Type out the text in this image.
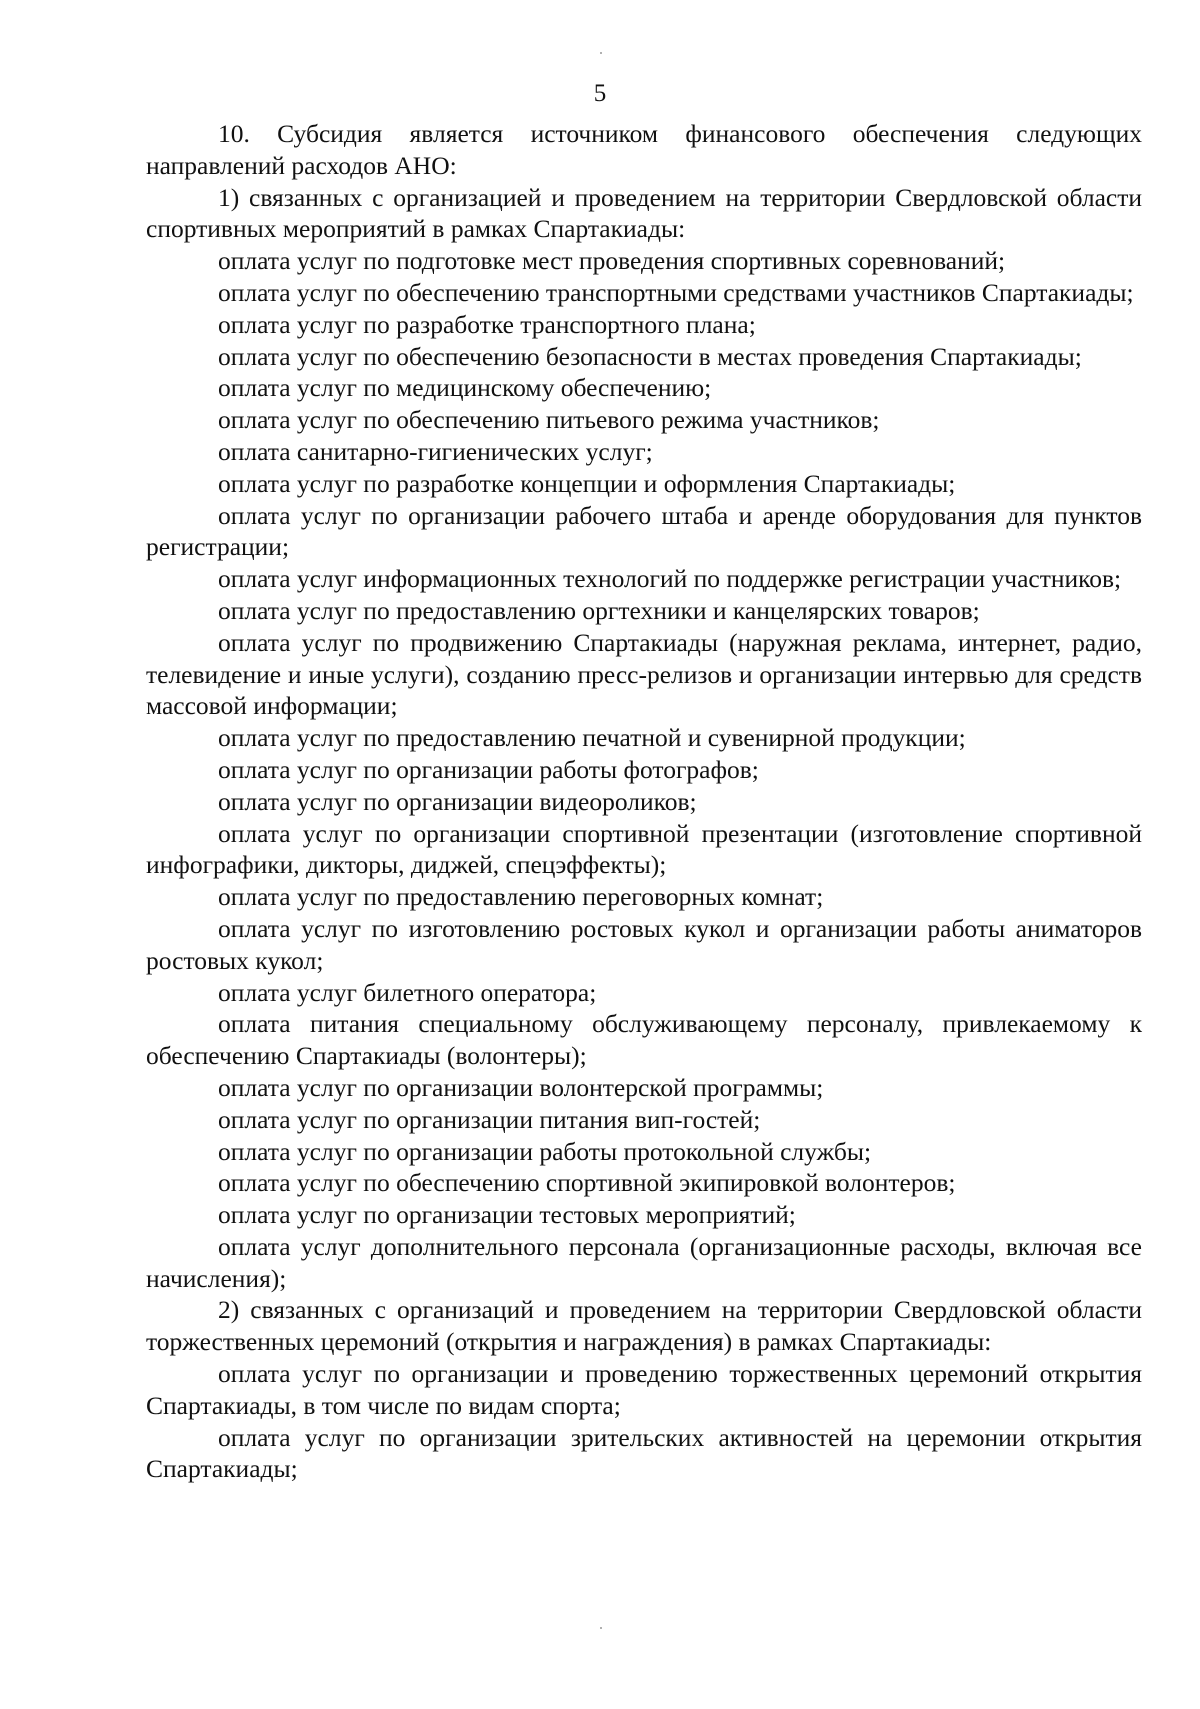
5

10. Субсидия является источником финансового обеспечения следующих направлений расходов АНО:

1) связанных с организацией и проведением на территории Свердловской области спортивных мероприятий в рамках Спартакиады:

оплата услуг по подготовке мест проведения спортивных соревнований;

оплата услуг по обеспечению транспортными средствами участников Спартакиады;

оплата услуг по разработке транспортного плана;

оплата услуг по обеспечению безопасности в местах проведения Спартакиады;

оплата услуг по медицинскому обеспечению;

оплата услуг по обеспечению питьевого режима участников;

оплата санитарно-гигиенических услуг;

оплата услуг по разработке концепции и оформления Спартакиады;

оплата услуг по организации рабочего штаба и аренде оборудования для пунктов регистрации;

оплата услуг информационных технологий по поддержке регистрации участников;

оплата услуг по предоставлению оргтехники и канцелярских товаров;

оплата услуг по продвижению Спартакиады (наружная реклама, интернет, радио, телевидение и иные услуги), созданию пресс-релизов и организации интервью для средств массовой информации;

оплата услуг по предоставлению печатной и сувенирной продукции;

оплата услуг по организации работы фотографов;

оплата услуг по организации видеороликов;

оплата услуг по организации спортивной презентации (изготовление спортивной инфографики, дикторы, диджей, спецэффекты);

оплата услуг по предоставлению переговорных комнат;

оплата услуг по изготовлению ростовых кукол и организации работы аниматоров ростовых кукол;

оплата услуг билетного оператора;

оплата питания специальному обслуживающему персоналу, привлекаемому к обеспечению Спартакиады (волонтеры);

оплата услуг по организации волонтерской программы;

оплата услуг по организации питания вип-гостей;

оплата услуг по организации работы протокольной службы;

оплата услуг по обеспечению спортивной экипировкой волонтеров;

оплата услуг по организации тестовых мероприятий;

оплата услуг дополнительного персонала (организационные расходы, включая все начисления);

2) связанных с организаций и проведением на территории Свердловской области торжественных церемоний (открытия и награждения) в рамках Спартакиады:

оплата услуг по организации и проведению торжественных церемоний открытия Спартакиады, в том числе по видам спорта;

оплата услуг по организации зрительских активностей на церемонии открытия Спартакиады;
